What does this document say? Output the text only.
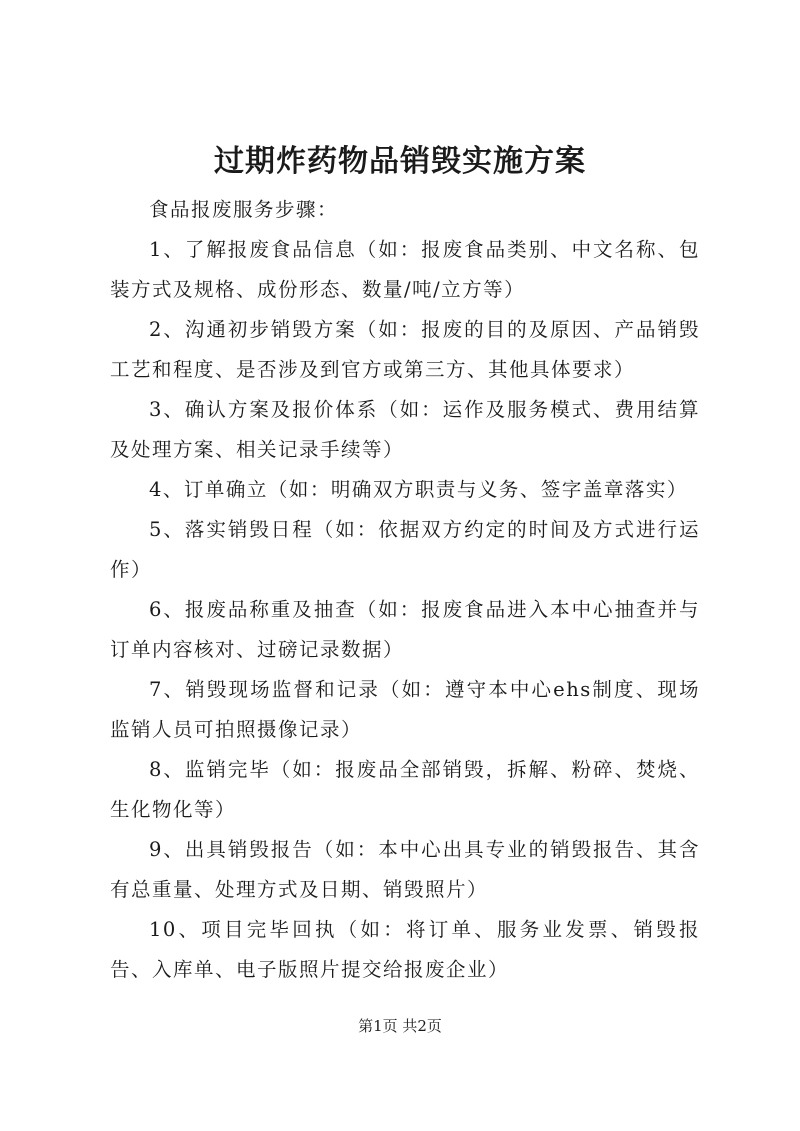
过期炸药物品销毁实施方案

食品报废服务步骤：

1、了解报废食品信息（如：报废食品类别、中文名称、包装方式及规格、成份形态、数量/吨/立方等）

2、沟通初步销毁方案（如：报废的目的及原因、产品销毁工艺和程度、是否涉及到官方或第三方、其他具体要求）

3、确认方案及报价体系（如：运作及服务模式、费用结算及处理方案、相关记录手续等）

4、订单确立（如：明确双方职责与义务、签字盖章落实）

5、落实销毁日程（如：依据双方约定的时间及方式进行运作）

6、报废品称重及抽查（如：报废食品进入本中心抽查并与订单内容核对、过磅记录数据）

7、销毁现场监督和记录（如：遵守本中心ehs制度、现场监销人员可拍照摄像记录）

8、监销完毕（如：报废品全部销毁，拆解、粉碎、焚烧、生化物化等）

9、出具销毁报告（如：本中心出具专业的销毁报告、其含有总重量、处理方式及日期、销毁照片）

10、项目完毕回执（如：将订单、服务业发票、销毁报告、入库单、电子版照片提交给报废企业）

第1页 共2页
